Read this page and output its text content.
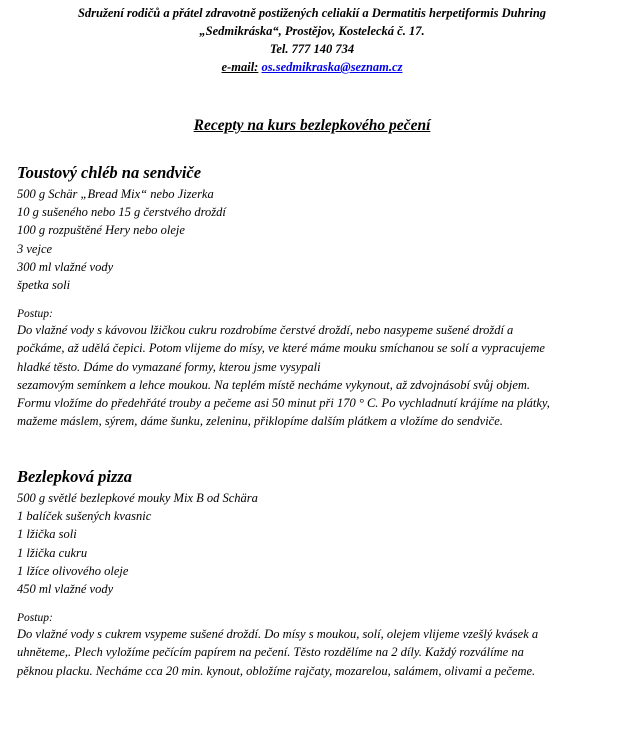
Sdružení rodičů a přátel zdravotně postižených celiakií a Dermatitis herpetiformis Duhring
„Sedmikráska“, Prostějov, Kostelecká č. 17.
Tel. 777 140 734
e-mail: os.sedmikraska@seznam.cz
Recepty na kurs bezlepkového pečení
Toustový chléb na sendviče
500 g Schär „Bread Mix“ nebo Jizerka
10 g sušeného nebo 15 g čerstvého droždí
100 g rozpuštěné Hery nebo oleje
3 vejce
300 ml vlažné vody
špetka soli
Postup:

Do vlažné vody s kávovou lžičkou cukru rozdrobíme čerstvé droždí, nebo nasypeme sušené droždí a

počkáme, až udělá čepici. Potom vlijeme do mísy, ve které máme mouku smíchanou se solí a vypracujeme

hladké těsto. Dáme do vymazané formy, kterou jsme vysypali

sezamovým semínkem a lehce moukou. Na teplém místě necháme vykynout, až zdvojnásobí svůj objem.

Formu vložíme do předehřáté trouby a pečeme asi 50 minut při 170 ° C. Po vychladnutí krájíme na plátky,

mažeme máslem, sýrem, dáme šunku, zeleninu, přiklopíme dalším plátkem a vložíme do sendviče.

Bezlepková pizza
500 g světlé bezlepkové mouky Mix B od Schära
1 balíček sušených kvasnic
1 lžička soli
1 lžička cukru
1 lžíce olivového oleje
450 ml vlažné vody
Postup:

Do vlažné vody s cukrem vsypeme sušené droždí. Do mísy s moukou, solí, olejem vlijeme vzešlý kvásek a

uhněteme,. Plech vyložíme pečícím papírem na pečení. Těsto rozdělíme na 2 díly. Každý rozválíme na

pěknou placku. Necháme cca 20 min. kynout, obložíme rajčaty, mozarelou, salámem, olivami a pečeme.
